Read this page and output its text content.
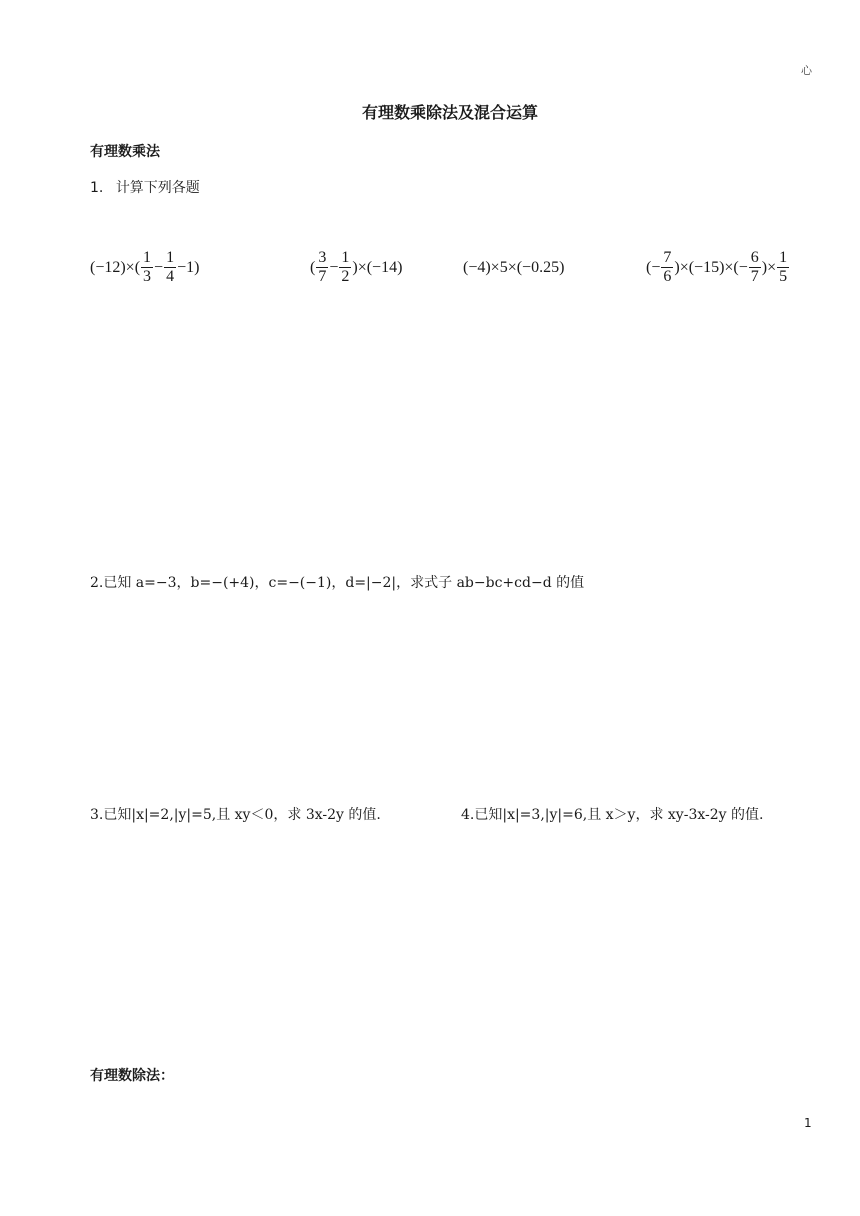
心
有理数乘除法及混合运算
有理数乘法
1. 计算下列各题
$(-12)\times( \frac{1}{3} - \frac{1}{4} -1)$	( $\frac{3}{7} - \frac{1}{2} )\times(-14)$	(−4)×5×(−0.25)	(− $\frac{7}{6} )\times(-15)\times(- \frac{6}{7}$ )× $\frac{1}{5}$
2.已知 a=−3，b=−(+4)，c=−(−1)，d=|−2|，求式子 ab−bc+cd−d 的值
3.已知|x|=2,|y|=5,且 xy＜0，求 3x-2y 的值.	4.已知|x|=3,|y|=6,且 x＞y，求 xy-3x-2y 的值.
有理数除法：
1
